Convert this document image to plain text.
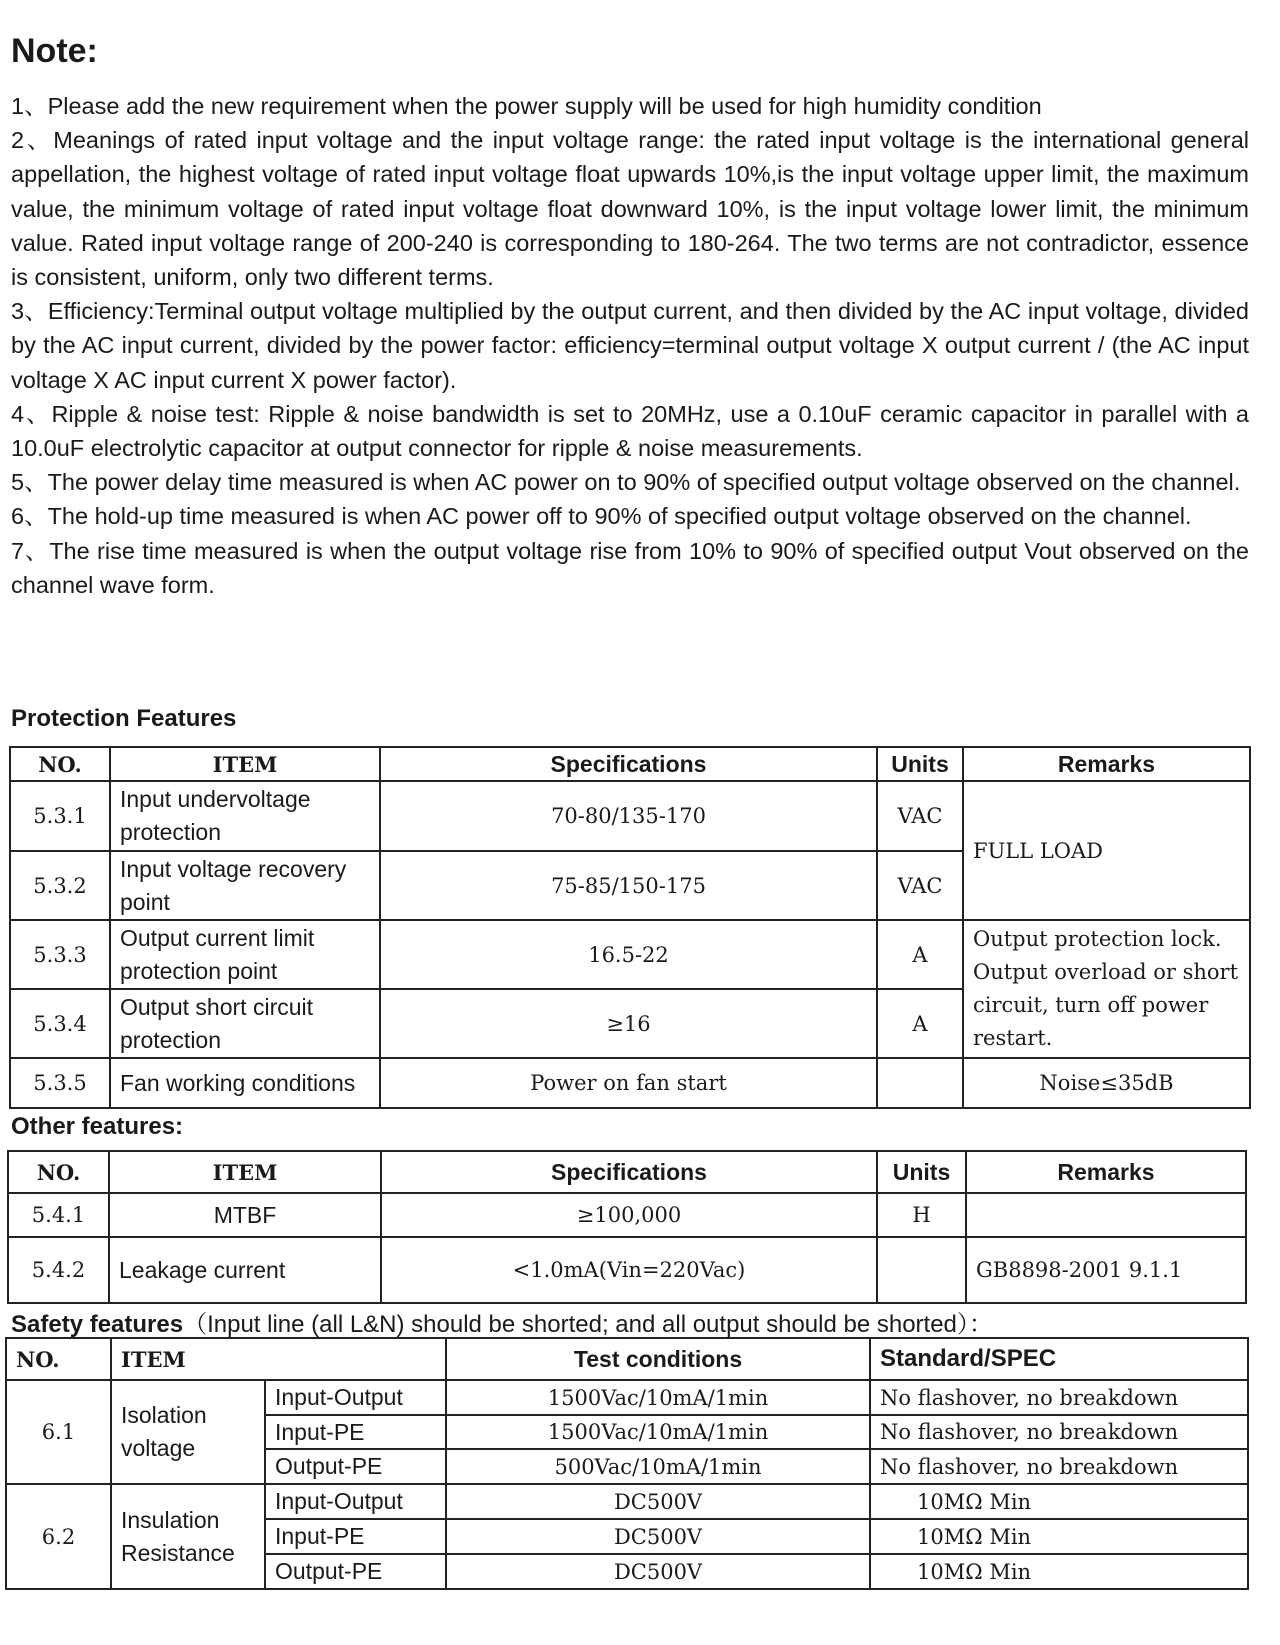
Note:
1、Please add the new requirement when the power supply will be used for high humidity condition
2、Meanings of rated input voltage and the input voltage range: the rated input voltage is the international general appellation, the highest voltage of rated input voltage float upwards 10%,is the input voltage upper limit, the maximum value, the minimum voltage of rated input voltage float downward 10%, is the input voltage lower limit, the minimum value. Rated input voltage range of 200-240 is corresponding to 180-264. The two terms are not contradictor, essence is consistent, uniform, only two different terms.
3、Efficiency:Terminal output voltage multiplied by the output current, and then divided by the AC input voltage, divided by the AC input current, divided by the power factor: efficiency=terminal output voltage X output current / (the AC input voltage X AC input current X power factor).
4、Ripple & noise test: Ripple & noise bandwidth is set to 20MHz, use a 0.10uF ceramic capacitor in parallel with a 10.0uF electrolytic capacitor at output connector for ripple & noise measurements.
5、The power delay time measured is when AC power on to 90% of specified output voltage observed on the channel.
6、The hold-up time measured is when AC power off to 90% of specified output voltage observed on the channel.
7、The rise time measured is when the output voltage rise from 10% to 90% of specified output Vout observed on the channel wave form.
Protection Features
NO.	ITEM	Specifications	Units	Remarks
5.3.1	Input undervoltage protection	70-80/135-170	VAC	FULL LOAD
5.3.2	Input voltage recovery point	75-85/150-175	VAC	
5.3.3	Output current limit protection point	16.5-22	A	Output protection lock. Output overload or short circuit, turn off power restart.
5.3.4	Output short circuit protection	≥16	A	
5.3.5	Fan working conditions	Power on fan start		Noise≤35dB
Other features:
NO.	ITEM	Specifications	Units	Remarks
5.4.1	MTBF	≥100,000	H	
5.4.2	Leakage current	<1.0mA(Vin=220Vac)		GB8898-2001 9.1.1
Safety features（Input line (all L&N) should be shorted; and all output should be shorted）：
NO.	ITEM		Test conditions	Standard/SPEC
6.1	Isolation voltage	Input-Output	1500Vac/10mA/1min	No flashover, no breakdown
		Input-PE	1500Vac/10mA/1min	No flashover, no breakdown
		Output-PE	500Vac/10mA/1min	No flashover, no breakdown
6.2	Insulation Resistance	Input-Output	DC500V	10MΩ Min
		Input-PE	DC500V	10MΩ Min
		Output-PE	DC500V	10MΩ Min
